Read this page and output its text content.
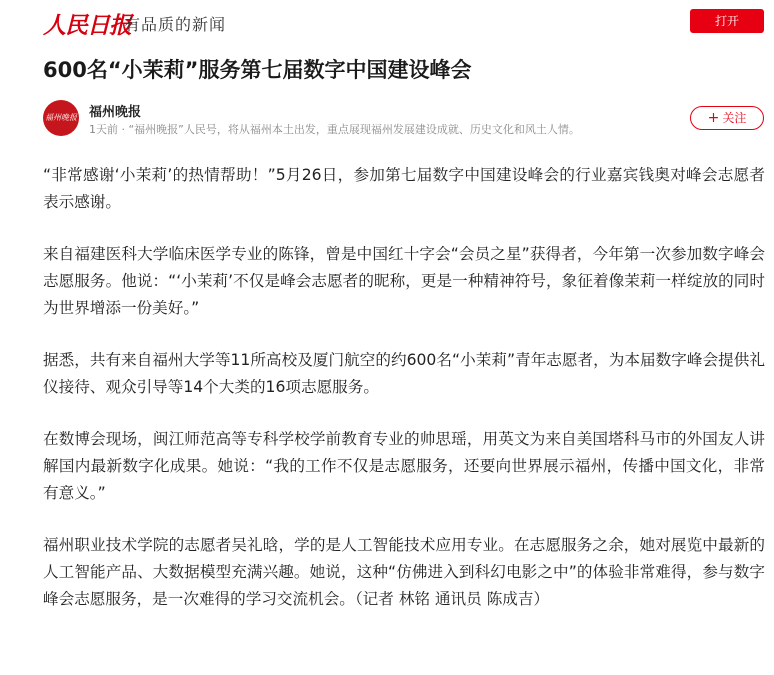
人民日报
有品质的新闻	打开
600名“小茉莉”服务第七届数字中国建设峰会
福州晚报 福州晚报
1天前 · “福州晚报”人民号，将从福州本土出发，重点展现福州发展建设成就、历史文化和风土人情。
+ 关注

“非常感谢‘小茉莉’的热情帮助！”5月26日，参加第七届数字中国建设峰会的行业嘉宾钱奥对峰会志愿者表示感谢。

来自福建医科大学临床医学专业的陈锋，曾是中国红十字会“会员之星”获得者，今年第一次参加数字峰会志愿服务。他说：“‘小茉莉’不仅是峰会志愿者的昵称，更是一种精神符号，象征着像茉莉一样绽放的同时为世界增添一份美好。”

据悉，共有来自福州大学等11所高校及厦门航空的约600名“小茉莉”青年志愿者，为本届数字峰会提供礼仪接待、观众引导等14个大类的16项志愿服务。

在数博会现场，闽江师范高等专科学校学前教育专业的帅思瑶，用英文为来自美国塔科马市的外国友人讲解国内最新数字化成果。她说：“我的工作不仅是志愿服务，还要向世界展示福州，传播中国文化，非常有意义。”

福州职业技术学院的志愿者吴礼晗，学的是人工智能技术应用专业。在志愿服务之余，她对展览中最新的人工智能产品、大数据模型充满兴趣。她说，这种“仿佛进入到科幻电影之中”的体验非常难得，参与数字峰会志愿服务，是一次难得的学习交流机会。（记者 林铭 通讯员 陈成吉）
